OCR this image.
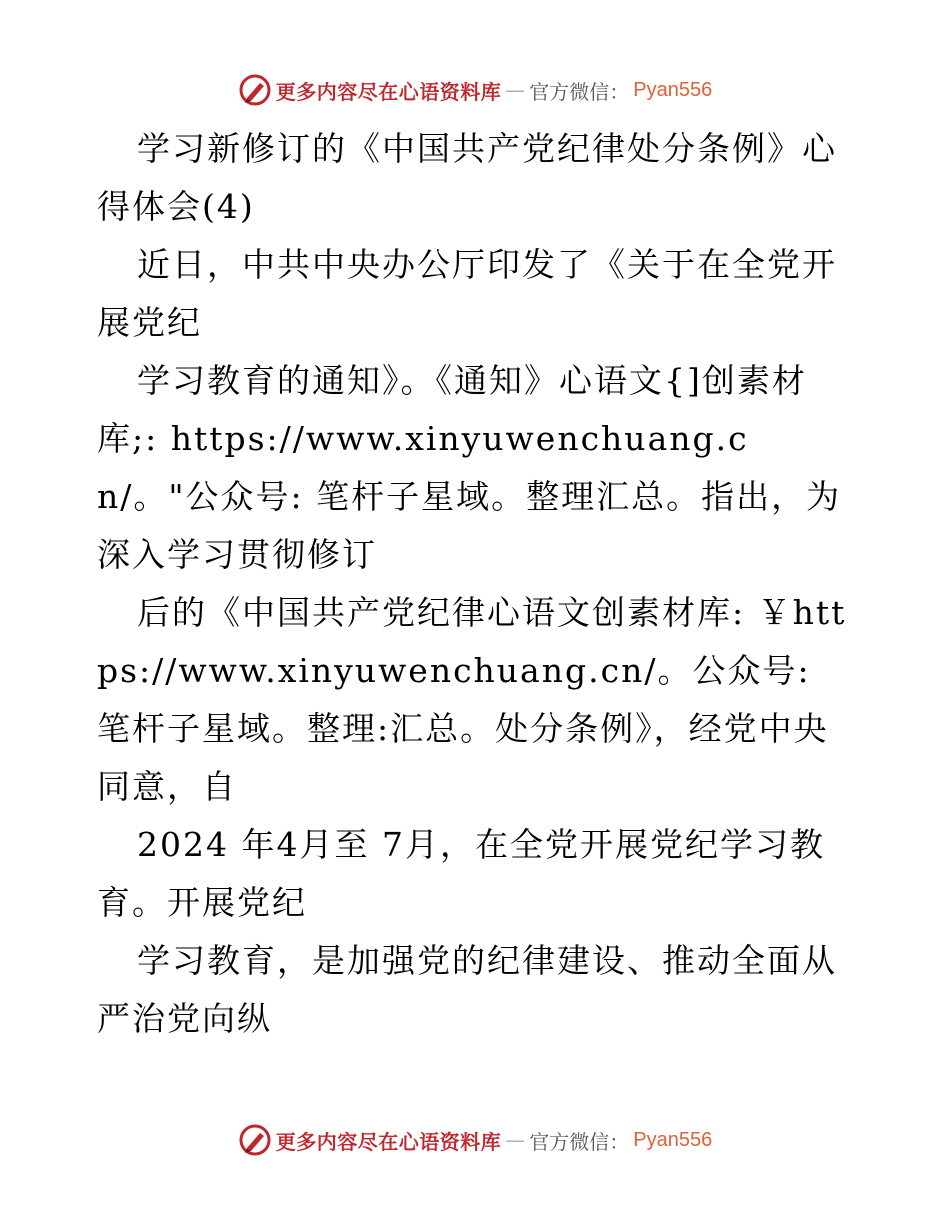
更多内容尽在心语资料库 — 官方微信： Pyan556

学习新修订的《中国共产党纪律处分条例》心得体会(4)

近日，中共中央办公厅印发了《关于在全党开展党纪

学习教育的通知》。《通知》心语文{]创素材库;: https://www.xinyuwenchuang.cn/。"公众号: 笔杆子星域。整理汇总。指出，为深入学习贯彻修订

后的《中国共产党纪律心语文创素材库: ￥https://www.xinyuwenchuang.cn/。公众号: 笔杆子星域。整理:汇总。处分条例》，经党中央同意，自

2024 年4月至 7月，在全党开展党纪学习教育。开展党纪

学习教育，是加强党的纪律建设、推动全面从严治党向纵

更多内容尽在心语资料库 — 官方微信： Pyan556
